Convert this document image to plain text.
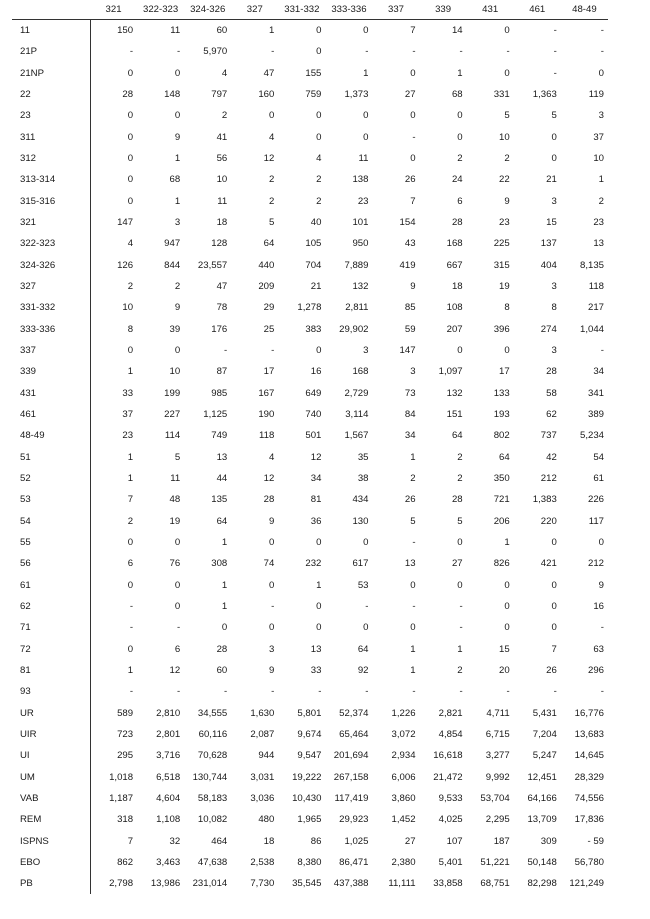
	321	322-323	324-326	327	331-332	333-336	337	339	431	461	48-49
11	150	11	60	1	0	0	7	14	0	-	-
21P	-	-	5,970	-	0	-	-	-	-	-	-
21NP	0	0	4	47	155	1	0	1	0	-	0
22	28	148	797	160	759	1,373	27	68	331	1,363	119
23	0	0	2	0	0	0	0	0	5	5	3
311	0	9	41	4	0	0	-	0	10	0	37
312	0	1	56	12	4	11	0	2	2	0	10
313-314	0	68	10	2	2	138	26	24	22	21	1
315-316	0	1	11	2	2	23	7	6	9	3	2
321	147	3	18	5	40	101	154	28	23	15	23
322-323	4	947	128	64	105	950	43	168	225	137	13
324-326	126	844	23,557	440	704	7,889	419	667	315	404	8,135
327	2	2	47	209	21	132	9	18	19	3	118
331-332	10	9	78	29	1,278	2,811	85	108	8	8	217
333-336	8	39	176	25	383	29,902	59	207	396	274	1,044
337	0	0	-	-	0	3	147	0	0	3	-
339	1	10	87	17	16	168	3	1,097	17	28	34
431	33	199	985	167	649	2,729	73	132	133	58	341
461	37	227	1,125	190	740	3,114	84	151	193	62	389
48-49	23	114	749	118	501	1,567	34	64	802	737	5,234
51	1	5	13	4	12	35	1	2	64	42	54
52	1	11	44	12	34	38	2	2	350	212	61
53	7	48	135	28	81	434	26	28	721	1,383	226
54	2	19	64	9	36	130	5	5	206	220	117
55	0	0	1	0	0	0	-	0	1	0	0
56	6	76	308	74	232	617	13	27	826	421	212
61	0	0	1	0	1	53	0	0	0	0	9
62	-	0	1	-	0	-	-	-	0	0	16
71	-	-	0	0	0	0	0	-	0	0	-
72	0	6	28	3	13	64	1	1	15	7	63
81	1	12	60	9	33	92	1	2	20	26	296
93	-	-	-	-	-	-	-	-	-	-	-
UR	589	2,810	34,555	1,630	5,801	52,374	1,226	2,821	4,711	5,431	16,776
UIR	723	2,801	60,116	2,087	9,674	65,464	3,072	4,854	6,715	7,204	13,683
UI	295	3,716	70,628	944	9,547	201,694	2,934	16,618	3,277	5,247	14,645
UM	1,018	6,518	130,744	3,031	19,222	267,158	6,006	21,472	9,992	12,451	28,329
VAB	1,187	4,604	58,183	3,036	10,430	117,419	3,860	9,533	53,704	64,166	74,556
REM	318	1,108	10,082	480	1,965	29,923	1,452	4,025	2,295	13,709	17,836
ISPNS	7	32	464	18	86	1,025	27	107	187	309	- 59
EBO	862	3,463	47,638	2,538	8,380	86,471	2,380	5,401	51,221	50,148	56,780
PB	2,798	13,986	231,014	7,730	35,545	437,388	11,111	33,858	68,751	82,298	121,249
